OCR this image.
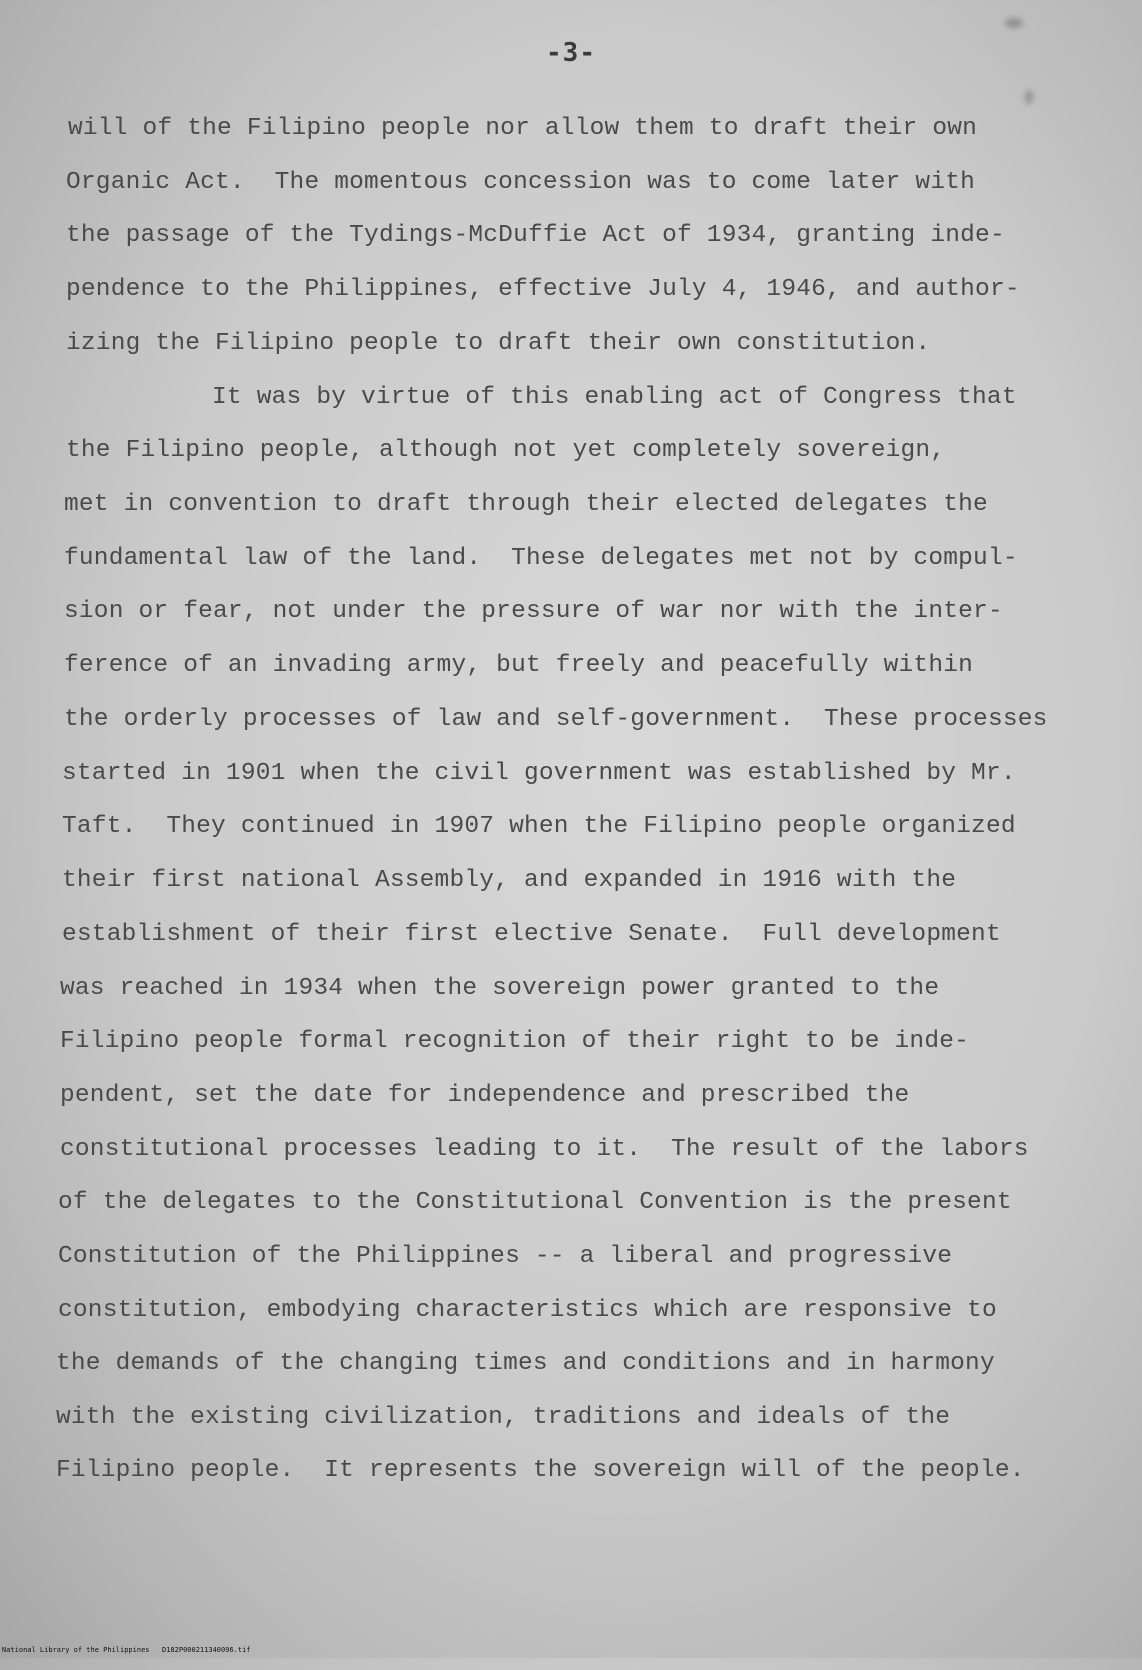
-3-
will of the Filipino people nor allow them to draft their own
Organic Act.  The momentous concession was to come later with
the passage of the Tydings-McDuffie Act of 1934, granting inde-
pendence to the Philippines, effective July 4, 1946, and author-
izing the Filipino people to draft their own constitution.
It was by virtue of this enabling act of Congress that
the Filipino people, although not yet completely sovereign,
met in convention to draft through their elected delegates the
fundamental law of the land.  These delegates met not by compul-
sion or fear, not under the pressure of war nor with the inter-
ference of an invading army, but freely and peacefully within
the orderly processes of law and self-government.  These processes
started in 1901 when the civil government was established by Mr.
Taft.  They continued in 1907 when the Filipino people organized
their first national Assembly, and expanded in 1916 with the
establishment of their first elective Senate.  Full development
was reached in 1934 when the sovereign power granted to the
Filipino people formal recognition of their right to be inde-
pendent, set the date for independence and prescribed the
constitutional processes leading to it.  The result of the labors
of the delegates to the Constitutional Convention is the present
Constitution of the Philippines -- a liberal and progressive
constitution, embodying characteristics which are responsive to
the demands of the changing times and conditions and in harmony
with the existing civilization, traditions and ideals of the
Filipino people.  It represents the sovereign will of the people.

National Library of the Philippines

D182P000211340096.tif
